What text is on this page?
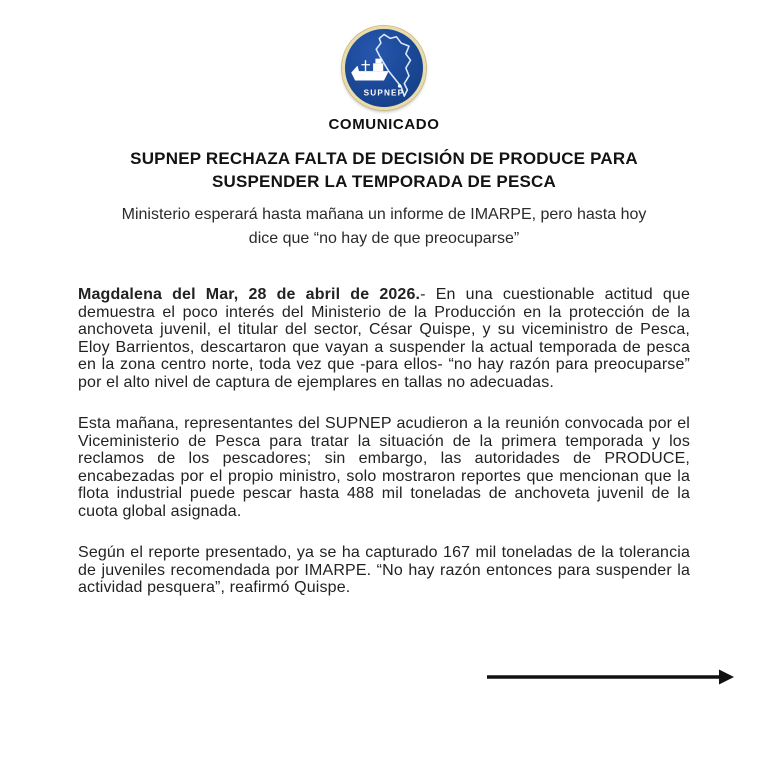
SUPNEP
COMUNICADO
SUPNEP RECHAZA FALTA DE DECISIÓN DE PRODUCE PARA
SUSPENDER LA TEMPORADA DE PESCA
Ministerio esperará hasta mañana un informe de IMARPE, pero hasta hoy
dice que “no hay de que preocuparse”

Magdalena del Mar, 28 de abril de 2026.- En una cuestionable actitud que demuestra el poco interés del Ministerio de la Producción en la protección de la anchoveta juvenil, el titular del sector, César Quispe, y su viceministro de Pesca, Eloy Barrientos, descartaron que vayan a suspender la actual temporada de pesca en la zona centro norte, toda vez que -para ellos- “no hay razón para preocuparse” por el alto nivel de captura de ejemplares en tallas no adecuadas.

Esta mañana, representantes del SUPNEP acudieron a la reunión convocada por el Viceministerio de Pesca para tratar la situación de la primera temporada y los reclamos de los pescadores; sin embargo, las autoridades de PRODUCE, encabezadas por el propio ministro, solo mostraron reportes que mencionan que la flota industrial puede pescar hasta 488 mil toneladas de anchoveta juvenil de la cuota global asignada.

Según el reporte presentado, ya se ha capturado 167 mil toneladas de la tolerancia de juveniles recomendada por IMARPE. “No hay razón entonces para suspender la actividad pesquera”, reafirmó Quispe.
